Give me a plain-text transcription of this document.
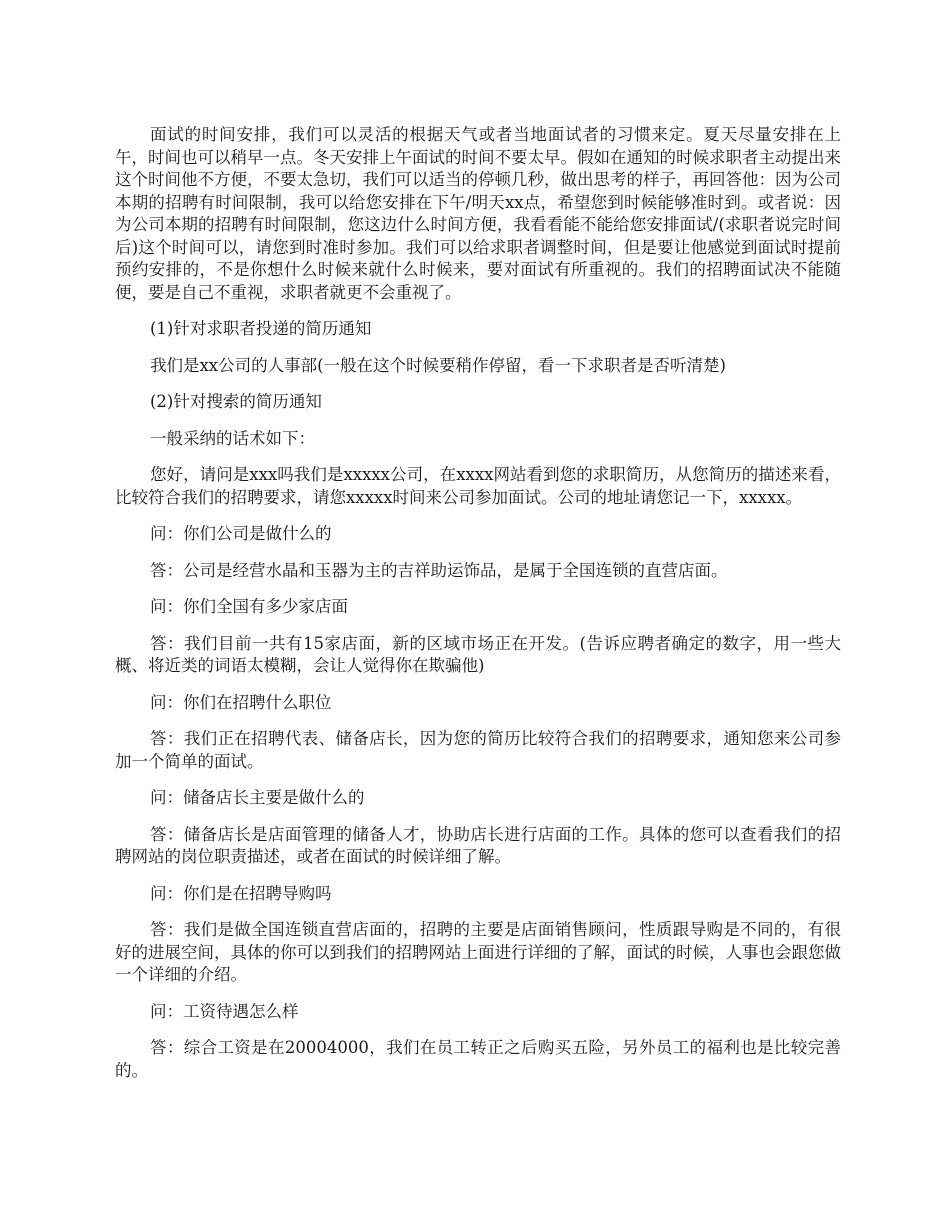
面试的时间安排，我们可以灵活的根据天气或者当地面试者的习惯来定。夏天尽量安排在上午，时间也可以稍早一点。冬天安排上午面试的时间不要太早。假如在通知的时候求职者主动提出来这个时间他不方便，不要太急切，我们可以适当的停顿几秒，做出思考的样子，再回答他：因为公司本期的招聘有时间限制，我可以给您安排在下午/明天xx点，希望您到时候能够准时到。或者说：因为公司本期的招聘有时间限制，您这边什么时间方便，我看看能不能给您安排面试/(求职者说完时间后)这个时间可以，请您到时准时参加。我们可以给求职者调整时间，但是要让他感觉到面试时提前预约安排的，不是你想什么时候来就什么时候来，要对面试有所重视的。我们的招聘面试决不能随便，要是自己不重视，求职者就更不会重视了。

(1)针对求职者投递的简历通知

我们是xx公司的人事部(一般在这个时候要稍作停留，看一下求职者是否听清楚)

(2)针对搜索的简历通知

一般采纳的话术如下：

您好，请问是xxx吗我们是xxxxx公司，在xxxx网站看到您的求职简历，从您简历的描述来看，比较符合我们的招聘要求，请您xxxxx时间来公司参加面试。公司的地址请您记一下，xxxxx。

问：你们公司是做什么的

答：公司是经营水晶和玉器为主的吉祥助运饰品，是属于全国连锁的直营店面。

问：你们全国有多少家店面

答：我们目前一共有15家店面，新的区域市场正在开发。(告诉应聘者确定的数字，用一些大概、将近类的词语太模糊，会让人觉得你在欺骗他)

问：你们在招聘什么职位

答：我们正在招聘代表、储备店长，因为您的简历比较符合我们的招聘要求，通知您来公司参加一个简单的面试。

问：储备店长主要是做什么的

答：储备店长是店面管理的储备人才，协助店长进行店面的工作。具体的您可以查看我们的招聘网站的岗位职责描述，或者在面试的时候详细了解。

问：你们是在招聘导购吗

答：我们是做全国连锁直营店面的，招聘的主要是店面销售顾问，性质跟导购是不同的，有很好的进展空间，具体的你可以到我们的招聘网站上面进行详细的了解，面试的时候，人事也会跟您做一个详细的介绍。

问：工资待遇怎么样

答：综合工资是在20004000，我们在员工转正之后购买五险，另外员工的福利也是比较完善的。
